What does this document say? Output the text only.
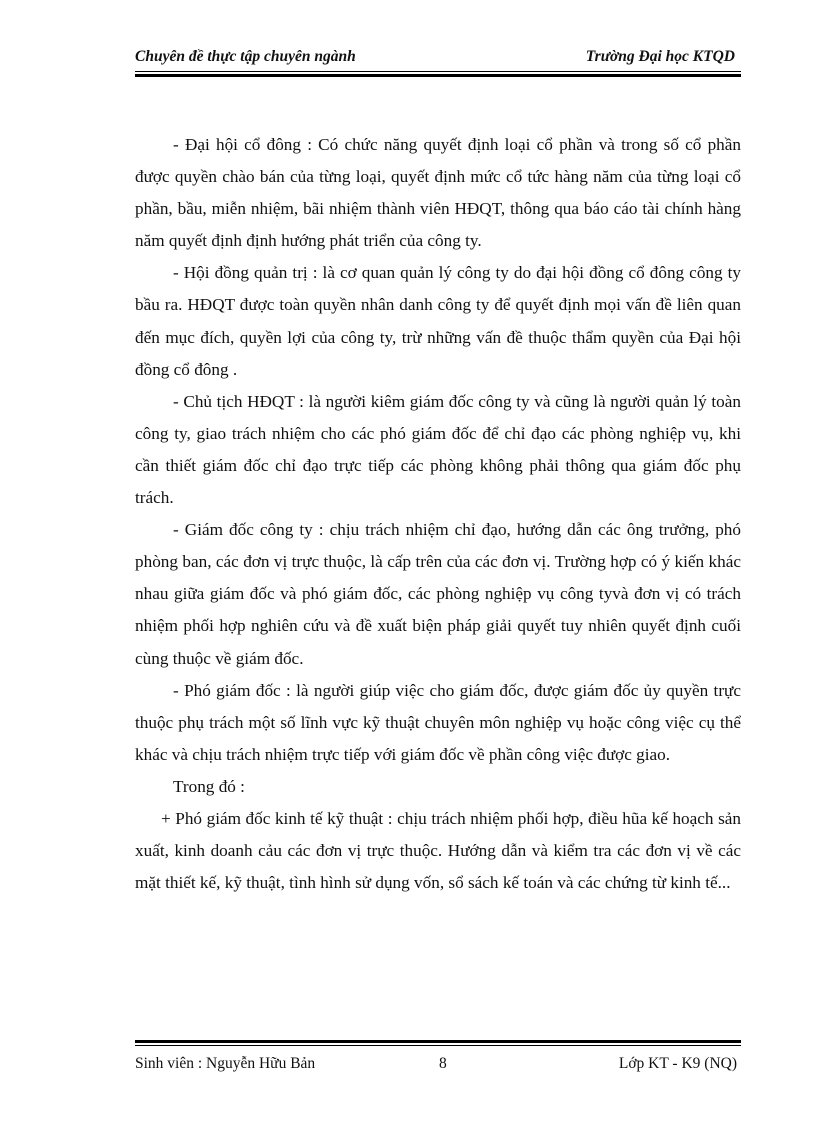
Chuyên đề thực tập chuyên ngành	Trường Đại học KTQD

- Đại hội cổ đông : Có chức năng quyết định loại cổ phần và trong số cổ phần được quyền chào bán của từng loại, quyết định mức cổ tức hàng năm của từng loại cổ phần, bầu, miễn nhiệm, bãi nhiệm thành viên HĐQT, thông qua báo cáo tài chính hàng năm quyết định định hướng phát triển của công ty.

- Hội đồng quản trị : là cơ quan quản lý công ty do đại hội đồng cổ đông công ty bầu ra. HĐQT được toàn quyền nhân danh công ty để quyết định mọi vấn đề liên quan đến mục đích, quyền lợi của công ty, trừ những vấn đề thuộc thẩm quyền của Đại hội đồng cổ đông .

- Chủ tịch HĐQT : là người kiêm giám đốc công ty và cũng là người quản lý toàn công ty, giao trách nhiệm cho các phó giám đốc để chỉ đạo các phòng nghiệp vụ, khi cần thiết giám đốc chỉ đạo trực tiếp các phòng không phải thông qua giám đốc phụ trách.

- Giám đốc công ty : chịu trách nhiệm chỉ đạo, hướng dẫn các ông trưởng, phó phòng ban, các đơn vị trực thuộc, là cấp trên của các đơn vị. Trường hợp có ý kiến khác nhau giữa giám đốc và phó giám đốc, các phòng nghiệp vụ công tyvà đơn vị có trách nhiệm phối hợp nghiên cứu và đề xuất biện pháp giải quyết tuy nhiên quyết định cuối cùng thuộc về giám đốc.

- Phó giám đốc : là người giúp việc cho giám đốc, được giám đốc ủy quyền trực thuộc phụ trách một số lĩnh vực kỹ thuật chuyên môn nghiệp vụ hoặc công việc cụ thể khác và chịu trách nhiệm trực tiếp với giám đốc về phần công việc được giao.

Trong đó :

+ Phó giám đốc kinh tế kỹ thuật : chịu trách nhiệm phối hợp, điều hũa kế hoạch sản xuất, kinh doanh cảu các đơn vị trực thuộc. Hướng dẫn và kiểm tra các đơn vị về các mặt thiết kế, kỹ thuật, tình hình sử dụng vốn, sổ sách kế toán và các chứng từ kinh tế...

Sinh viên : Nguyễn Hữu Bản	8	Lớp KT - K9 (NQ)
